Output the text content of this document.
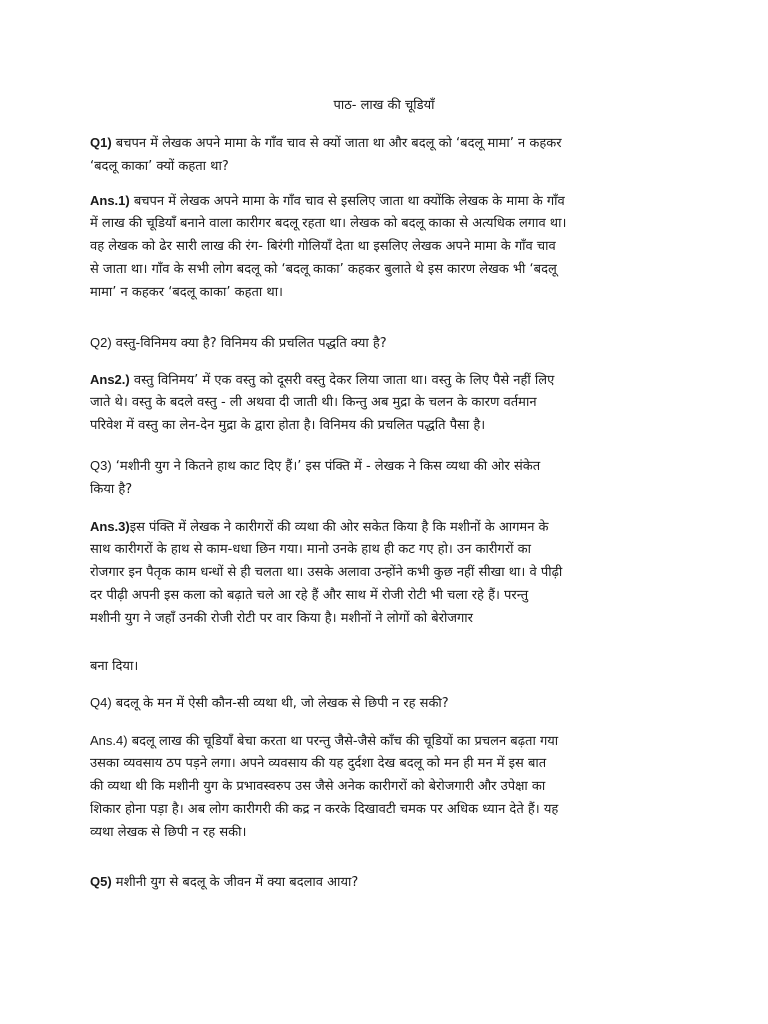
पाठ- लाख की चूडियाँ
Q1) बचपन में लेखक अपने मामा के गाँव चाव से क्यों जाता था और बदलू को ‘बदलू मामा’ न कहकर
‘बदलू काका’ क्यों कहता था?
Ans.1) बचपन में लेखक अपने मामा के गाँव चाव से इसलिए जाता था क्योंकि लेखक के मामा के गाँव
में लाख की चूडियाँ बनाने वाला कारीगर बदलू रहता था। लेखक को बदलू काका से अत्यधिक लगाव था।
वह लेखक को ढेर सारी लाख की रंग- बिरंगी गोलियाँ देता था इसलिए लेखक अपने मामा के गाँव चाव
से जाता था। गाँव के सभी लोग बदलू को ‘बदलू काका’ कहकर बुलाते थे इस कारण लेखक भी ‘बदलू
मामा’ न कहकर ‘बदलू काका’ कहता था।
Q2) वस्तु-विनिमय क्या है? विनिमय की प्रचलित पद्धति क्या है?
Ans2.) वस्तु विनिमय’ में एक वस्तु को दूसरी वस्तु देकर लिया जाता था। वस्तु के लिए पैसे नहीं लिए
जाते थे। वस्तु के बदले वस्तु - ली अथवा दी जाती थी। किन्तु अब मुद्रा के चलन के कारण वर्तमान
परिवेश में वस्तु का लेन-देन मुद्रा के द्वारा होता है। विनिमय की प्रचलित पद्धति पैसा है।
Q3) ‘मशीनी युग ने कितने हाथ काट दिए हैं।’ इस पंक्ति में - लेखक ने किस व्यथा की ओर संकेत
किया है?
Ans.3)इस पंक्ति में लेखक ने कारीगरों की व्यथा की ओर सकेत किया है कि मशीनों के आगमन के
साथ कारीगरों के हाथ से काम-धधा छिन गया। मानो उनके हाथ ही कट गए हो। उन कारीगरों का
रोजगार इन पैतृक काम धन्धों से ही चलता था। उसके अलावा उन्होंने कभी कुछ नहीं सीखा था। वे पीढ़ी
दर पीढ़ी अपनी इस कला को बढ़ाते चले आ रहे हैं और साथ में रोजी रोटी भी चला रहे हैं। परन्तु
मशीनी युग ने जहाँ उनकी रोजी रोटी पर वार किया है। मशीनों ने लोगों को बेरोजगार
बना दिया।
Q4) बदलू के मन में ऐसी कौन-सी व्यथा थी, जो लेखक से छिपी न रह सकी?
Ans.4) बदलू लाख की चूडियाँ बेचा करता था परन्तु जैसे-जैसे काँच की चूडियों का प्रचलन बढ़ता गया
उसका व्यवसाय ठप पड़ने लगा। अपने व्यवसाय की यह दुर्दशा देख बदलू को मन ही मन में इस बात
की व्यथा थी कि मशीनी युग के प्रभावस्वरुप उस जैसे अनेक कारीगरों को बेरोजगारी और उपेक्षा का
शिकार होना पड़ा है। अब लोग कारीगरी की कद्र न करके दिखावटी चमक पर अधिक ध्यान देते हैं। यह
व्यथा लेखक से छिपी न रह सकी।
Q5) मशीनी युग से बदलू के जीवन में क्या बदलाव आया?
